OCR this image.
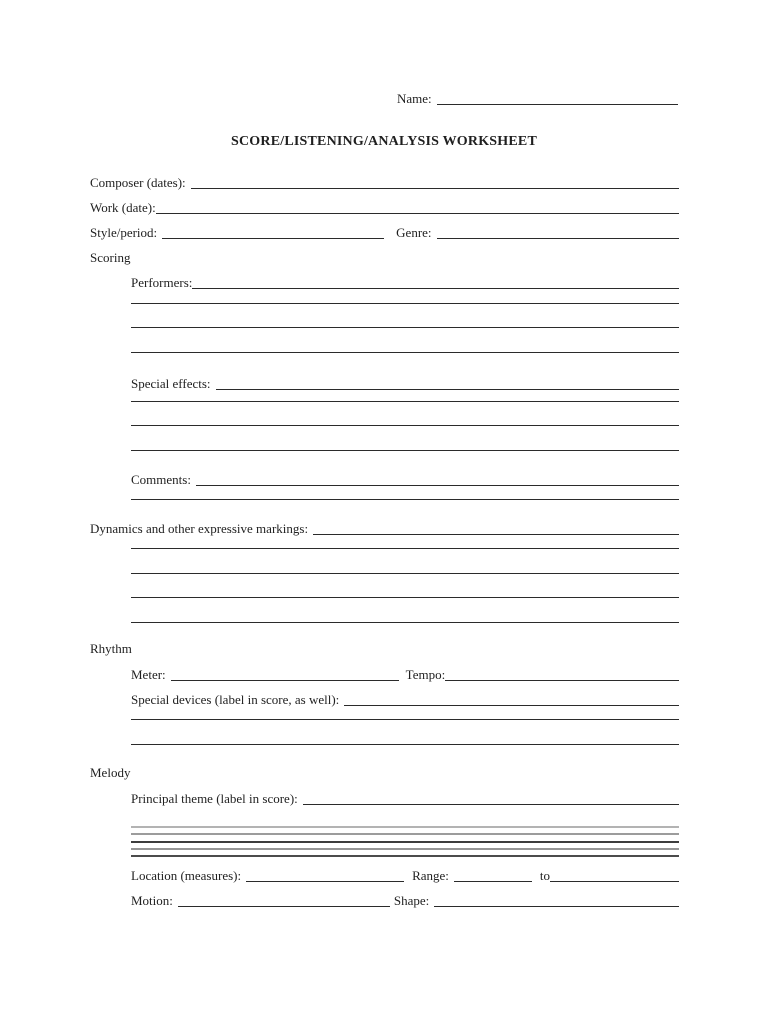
Name:
SCORE/LISTENING/ANALYSIS WORKSHEET
Composer (dates):
Work (date):
Style/period:	Genre:
Scoring
Performers:
Special effects:
Comments:
Dynamics and other expressive markings:
Rhythm
Meter:	Tempo:
Special devices (label in score, as well):
Melody
Principal theme (label in score):
Location (measures):	Range:	to
Motion:	Shape:
